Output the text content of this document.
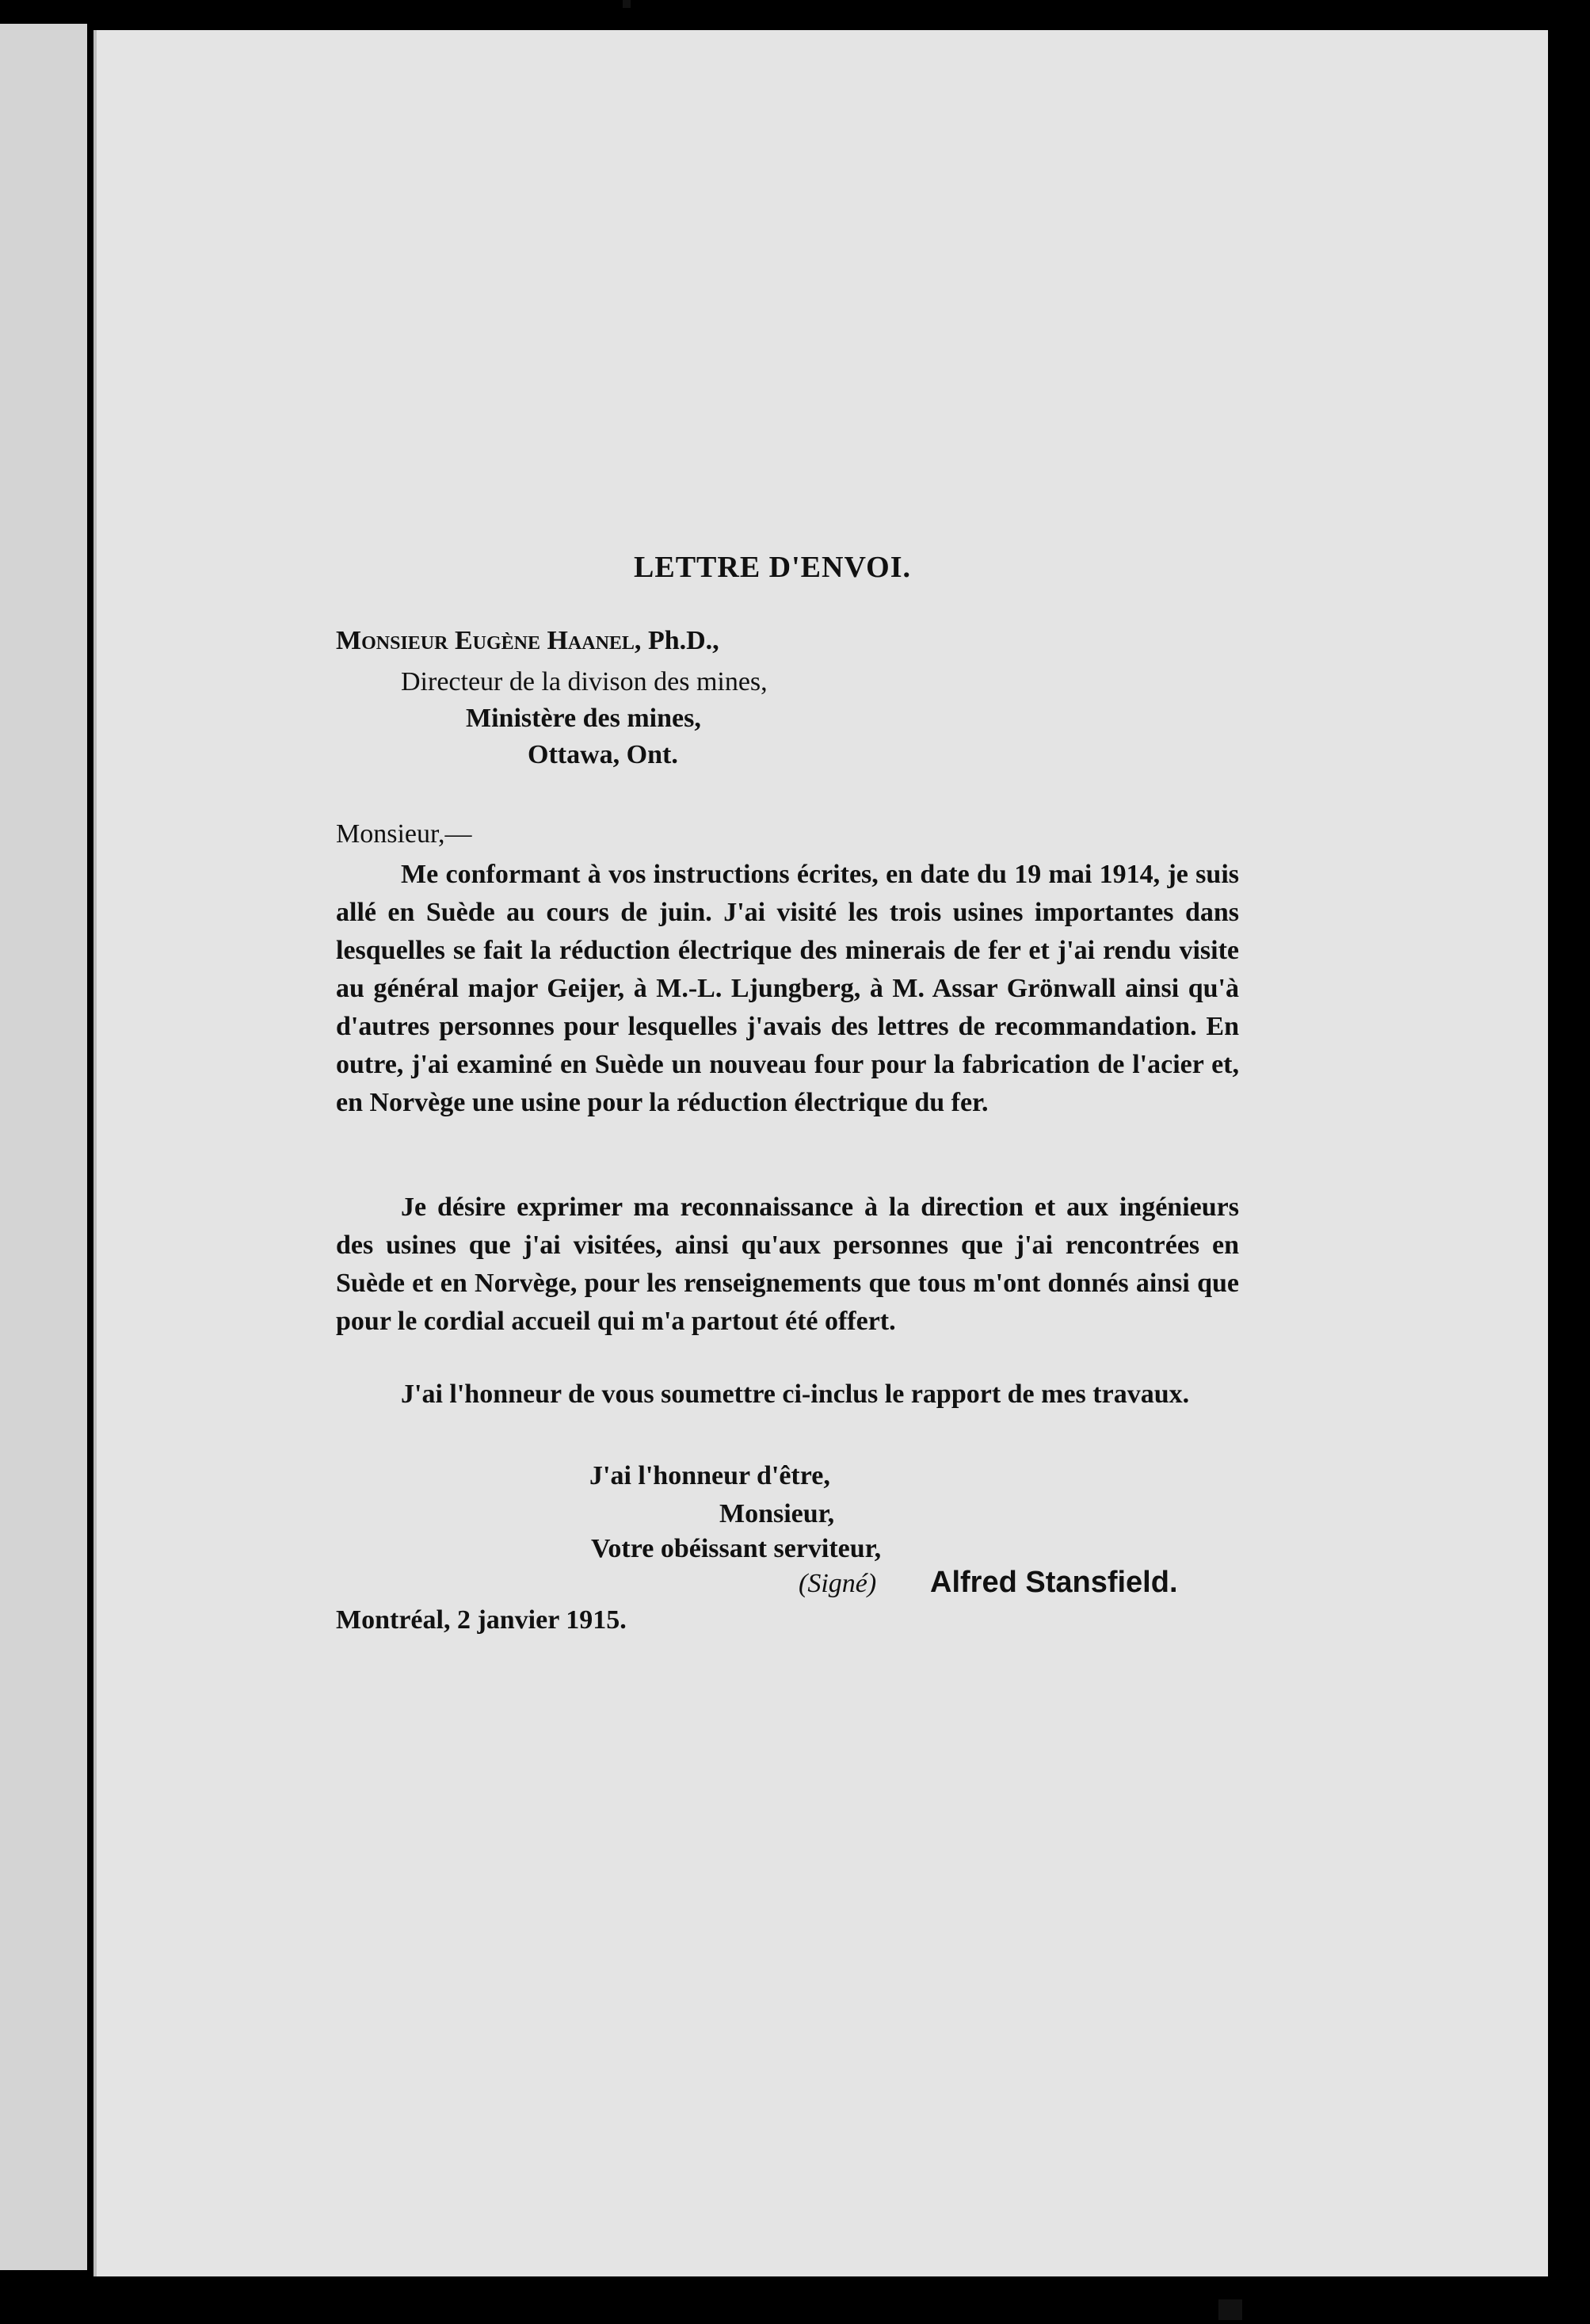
LETTRE D'ENVOI.
Monsieur Eugène Haanel, Ph.D.,
Directeur de la divison des mines,
Ministère des mines,
Ottawa, Ont.
Monsieur,—

Me conformant à vos instructions écrites, en date du 19 mai 1914, je suis allé en Suède au cours de juin. J'ai visité les trois usines importantes dans lesquelles se fait la réduction électrique des minerais de fer et j'ai rendu visite au général major Geijer, à M.-L. Ljungberg, à M. Assar Grönwall ainsi qu'à d'autres personnes pour lesquelles j'avais des lettres de recommandation. En outre, j'ai examiné en Suède un nouveau four pour la fabrication de l'acier et, en Norvège une usine pour la réduction électrique du fer.

Je désire exprimer ma reconnaissance à la direction et aux ingénieurs des usines que j'ai visitées, ainsi qu'aux personnes que j'ai rencontrées en Suède et en Norvège, pour les renseignements que tous m'ont donnés ainsi que pour le cordial accueil qui m'a partout été offert.

J'ai l'honneur de vous soumettre ci-inclus le rapport de mes travaux.

J'ai l'honneur d'être,
Monsieur,
Votre obéissant serviteur,
(Signé) Alfred Stansfield.
Montréal, 2 janvier 1915.
